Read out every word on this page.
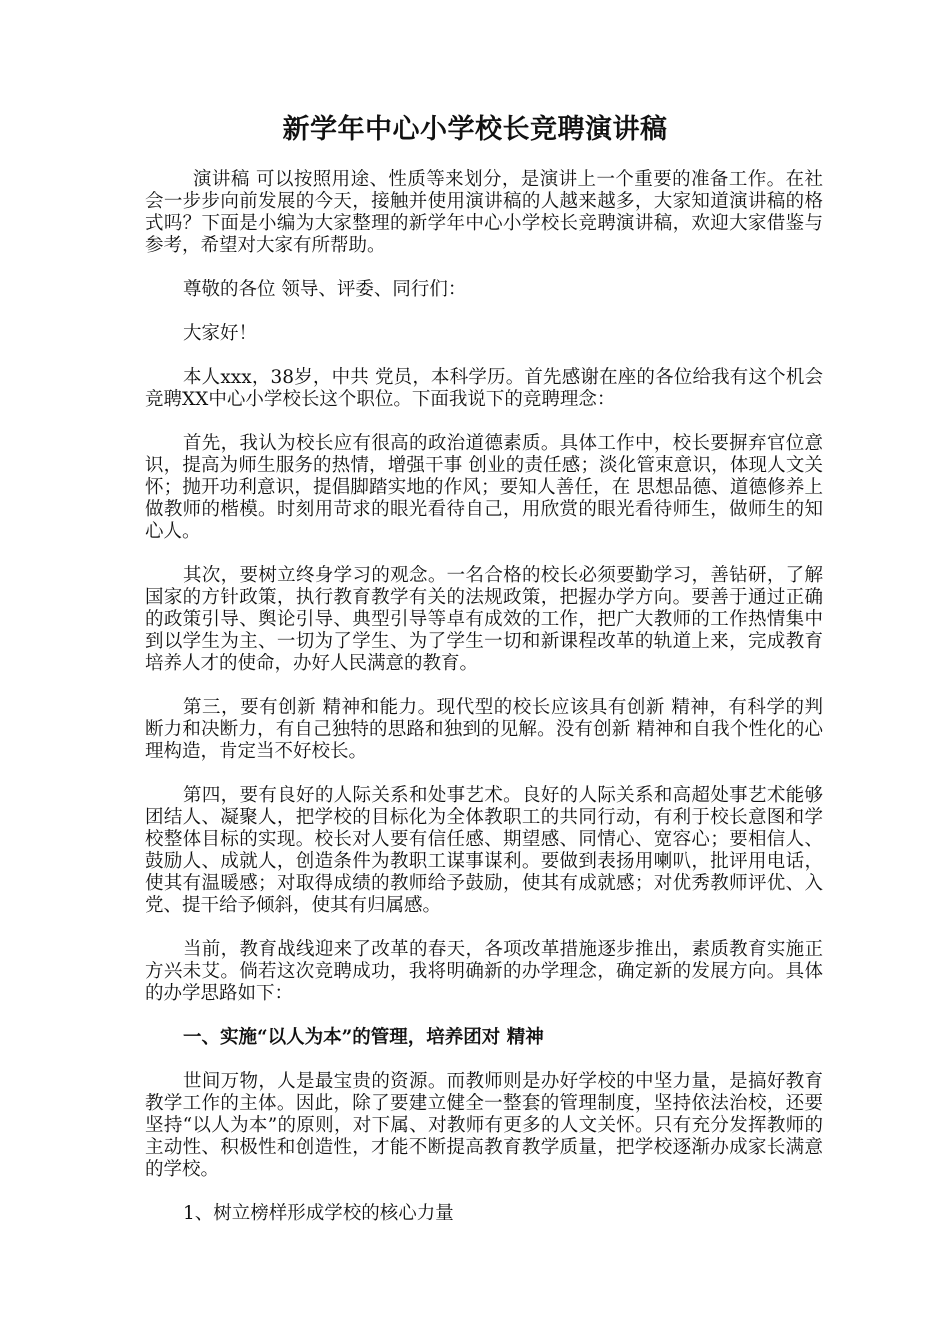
新学年中心小学校长竞聘演讲稿

演讲稿 可以按照用途、性质等来划分，是演讲上一个重要的准备工作。在社会一步步向前发展的今天，接触并使用演讲稿的人越来越多，大家知道演讲稿的格式吗？下面是小编为大家整理的新学年中心小学校长竞聘演讲稿，欢迎大家借鉴与参考，希望对大家有所帮助。

尊敬的各位 领导、评委、同行们：

大家好！

本人xxx，38岁，中共 党员，本科学历。首先感谢在座的各位给我有这个机会竞聘XX中心小学校长这个职位。下面我说下的竞聘理念：

首先，我认为校长应有很高的政治道德素质。具体工作中，校长要摒弃官位意识，提高为师生服务的热情，增强干事 创业的责任感；淡化管束意识，体现人文关怀；抛开功利意识，提倡脚踏实地的作风；要知人善任，在 思想品德、道德修养上做教师的楷模。时刻用苛求的眼光看待自己，用欣赏的眼光看待师生，做师生的知心人。

其次，要树立终身学习的观念。一名合格的校长必须要勤学习，善钻研，了解国家的方针政策，执行教育教学有关的法规政策，把握办学方向。要善于通过正确的政策引导、舆论引导、典型引导等卓有成效的工作，把广大教师的工作热情集中到以学生为主、一切为了学生、为了学生一切和新课程改革的轨道上来，完成教育培养人才的使命，办好人民满意的教育。

第三，要有创新 精神和能力。现代型的校长应该具有创新 精神，有科学的判断力和决断力，有自己独特的思路和独到的见解。没有创新 精神和自我个性化的心理构造，肯定当不好校长。

第四，要有良好的人际关系和处事艺术。良好的人际关系和高超处事艺术能够团结人、凝聚人，把学校的目标化为全体教职工的共同行动，有利于校长意图和学校整体目标的实现。校长对人要有信任感、期望感、同情心、宽容心；要相信人、鼓励人、成就人，创造条件为教职工谋事谋利。要做到表扬用喇叭，批评用电话，使其有温暖感；对取得成绩的教师给予鼓励，使其有成就感；对优秀教师评优、入 党、提干给予倾斜，使其有归属感。

当前，教育战线迎来了改革的春天，各项改革措施逐步推出，素质教育实施正方兴未艾。倘若这次竞聘成功，我将明确新的办学理念，确定新的发展方向。具体的办学思路如下：

一、实施“以人为本”的管理，培养团对 精神

世间万物，人是最宝贵的资源。而教师则是办好学校的中坚力量，是搞好教育教学工作的主体。因此，除了要建立健全一整套的管理制度，坚持依法治校，还要坚持“以人为本”的原则，对下属、对教师有更多的人文关怀。只有充分发挥教师的主动性、积极性和创造性，才能不断提高教育教学质量，把学校逐渐办成家长满意的学校。

1、树立榜样形成学校的核心力量
